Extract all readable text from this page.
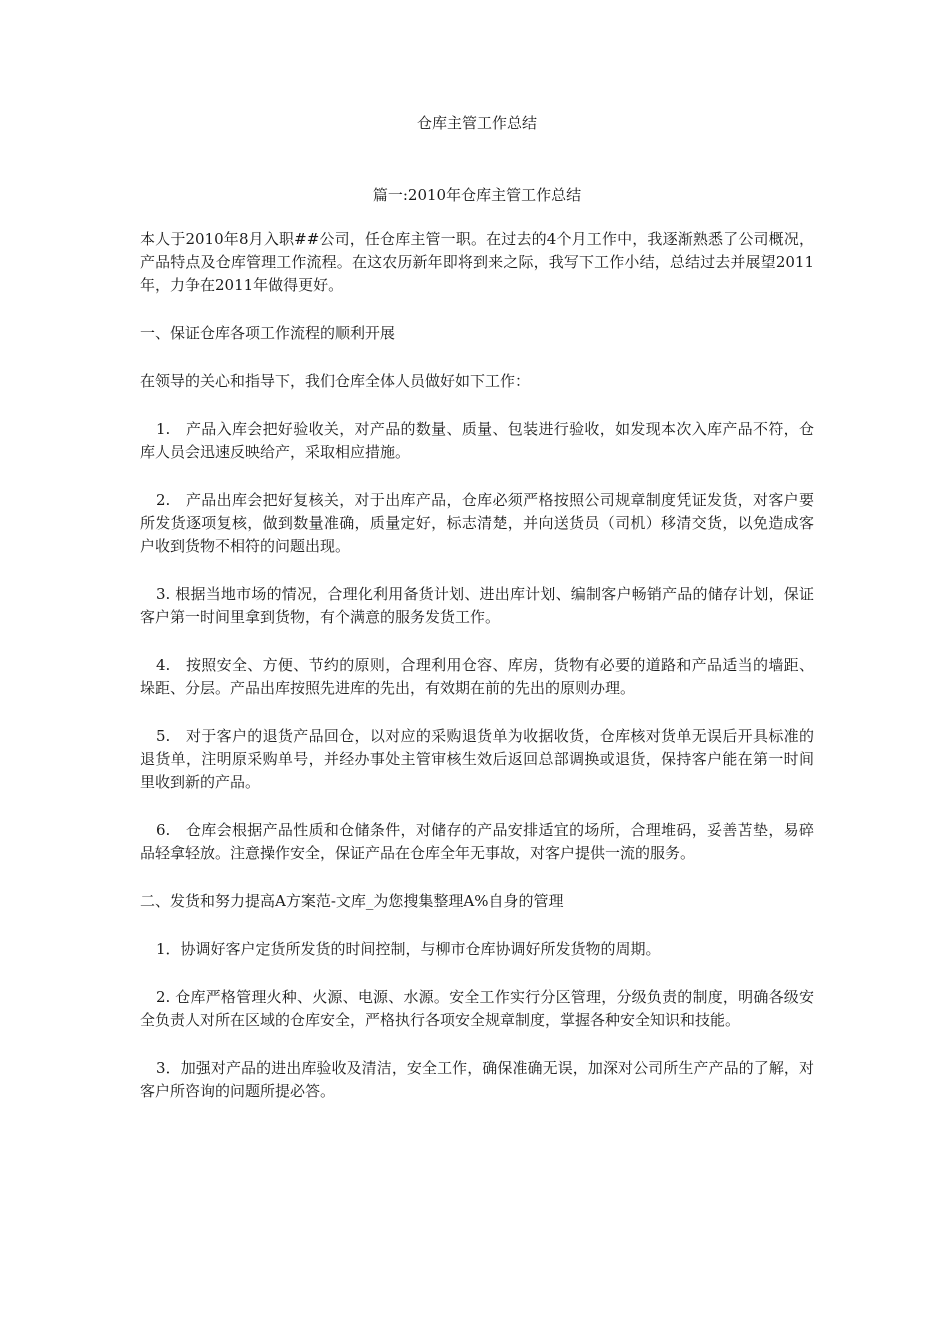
仓库主管工作总结
篇一:2010年仓库主管工作总结

本人于2010年8月入职##公司，任仓库主管一职。在过去的4个月工作中，我逐渐熟悉了公司概况，产品特点及仓库管理工作流程。在这农历新年即将到来之际，我写下工作小结，总结过去并展望2011年，力争在2011年做得更好。

一、保证仓库各项工作流程的顺利开展

在领导的关心和指导下，我们仓库全体人员做好如下工作：

1.　产品入库会把好验收关，对产品的数量、质量、包装进行验收，如发现本次入库产品不符，仓库人员会迅速反映给产，采取相应措施。

2.　产品出库会把好复核关，对于出库产品，仓库必须严格按照公司规章制度凭证发货，对客户要所发货逐项复核，做到数量准确，质量定好，标志清楚，并向送货员（司机）移清交货，以免造成客户收到货物不相符的问题出现。

3. 根据当地市场的情况，合理化利用备货计划、进出库计划、编制客户畅销产品的储存计划，保证客户第一时间里拿到货物，有个满意的服务发货工作。

4.　按照安全、方便、节约的原则，合理利用仓容、库房，货物有必要的道路和产品适当的墙距、垛距、分层。产品出库按照先进库的先出，有效期在前的先出的原则办理。

5.　对于客户的退货产品回仓，以对应的采购退货单为收据收货，仓库核对货单无误后开具标准的退货单，注明原采购单号，并经办事处主管审核生效后返回总部调换或退货，保持客户能在第一时间里收到新的产品。

6.　仓库会根据产品性质和仓储条件，对储存的产品安排适宜的场所，合理堆码，妥善苫垫，易碎品轻拿轻放。注意操作安全，保证产品在仓库全年无事故，对客户提供一流的服务。

二、发货和努力提高A方案范-文库_为您搜集整理A%自身的管理

1．协调好客户定货所发货的时间控制，与柳市仓库协调好所发货物的周期。

2. 仓库严格管理火种、火源、电源、水源。安全工作实行分区管理，分级负责的制度，明确各级安全负责人对所在区域的仓库安全，严格执行各项安全规章制度，掌握各种安全知识和技能。

3．加强对产品的进出库验收及清洁，安全工作，确保准确无误，加深对公司所生产产品的了解，对客户所咨询的问题所提必答。
